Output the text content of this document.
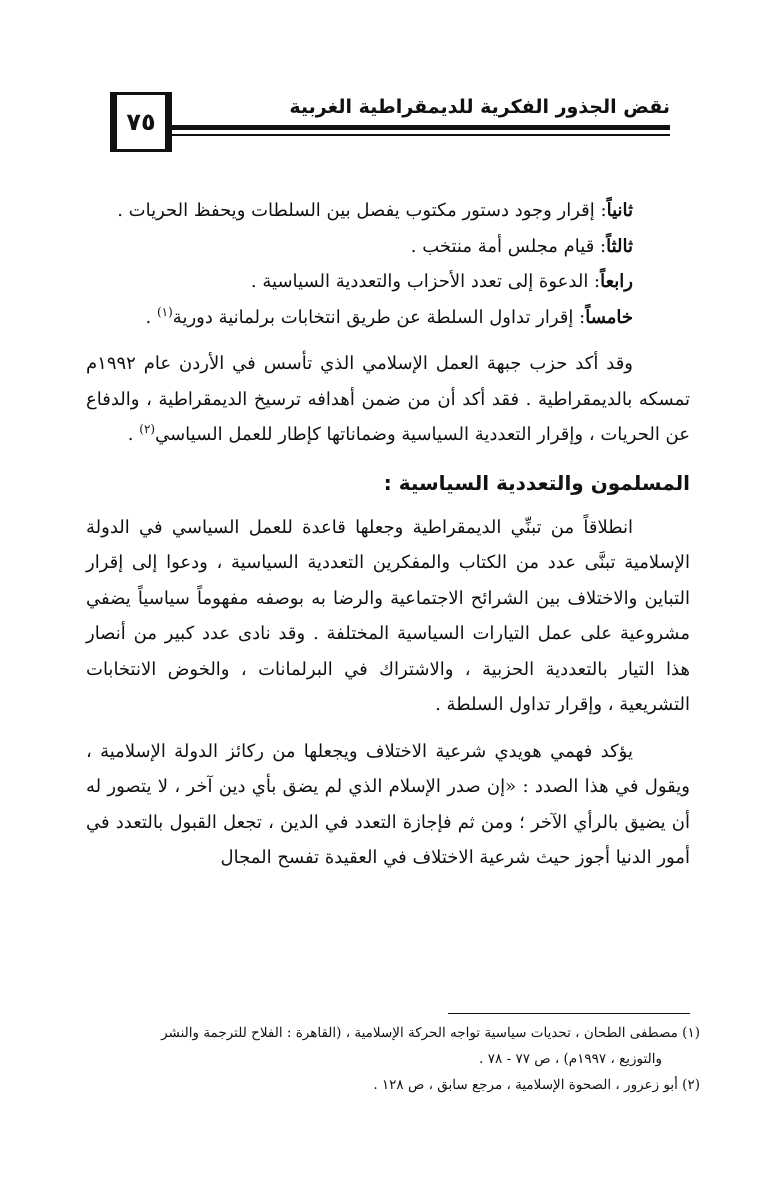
٧٥
نقض الجذور الفكرية للديمقراطية الغربية

ثانياً: إقرار وجود دستور مكتوب يفصل بين السلطات ويحفظ الحريات .

ثالثاً: قيام مجلس أمة منتخب .

رابعاً: الدعوة إلى تعدد الأحزاب والتعددية السياسية .

خامساً: إقرار تداول السلطة عن طريق انتخابات برلمانية دورية$^{(١)}$ .

وقد أكد حزب جبهة العمل الإسلامي الذي تأسس في الأردن عام ١٩٩٢م تمسكه بالديمقراطية . فقد أكد أن من ضمن أهدافه ترسيخ الديمقراطية ، والدفاع عن الحريات ، وإقرار التعددية السياسية وضماناتها كإطار للعمل السياسي$^{(٢)}$ .

المسلمون والتعددية السياسية :

انطلاقاً من تبنِّي الديمقراطية وجعلها قاعدة للعمل السياسي في الدولة الإسلامية تبنَّى عدد من الكتاب والمفكرين التعددية السياسية ، ودعوا إلى إقرار التباين والاختلاف بين الشرائح الاجتماعية والرضا به بوصفه مفهوماً سياسياً يضفي مشروعية على عمل التيارات السياسية المختلفة . وقد نادى عدد كبير من أنصار هذا التيار بالتعددية الحزبية ، والاشتراك في البرلمانات ، والخوض الانتخابات التشريعية ، وإقرار تداول السلطة .

يؤكد فهمي هويدي شرعية الاختلاف ويجعلها من ركائز الدولة الإسلامية ، ويقول في هذا الصدد : «إن صدر الإسلام الذي لم يضق بأي دين آخر ، لا يتصور له أن يضيق بالرأي الآخر ؛ ومن ثم فإجازة التعدد في الدين ، تجعل القبول بالتعدد في أمور الدنيا أجوز حيث شرعية الاختلاف في العقيدة تفسح المجال

(١) مصطفى الطحان ، تحديات سياسية تواجه الحركة الإسلامية ، (القاهرة : الفلاح للترجمة والنشر

والتوزيع ، ١٩٩٧م) ، ص ٧٧ - ٧٨ .

(٢) أبو زعرور ، الصحوة الإسلامية ، مرجع سابق ، ص ١٢٨ .
